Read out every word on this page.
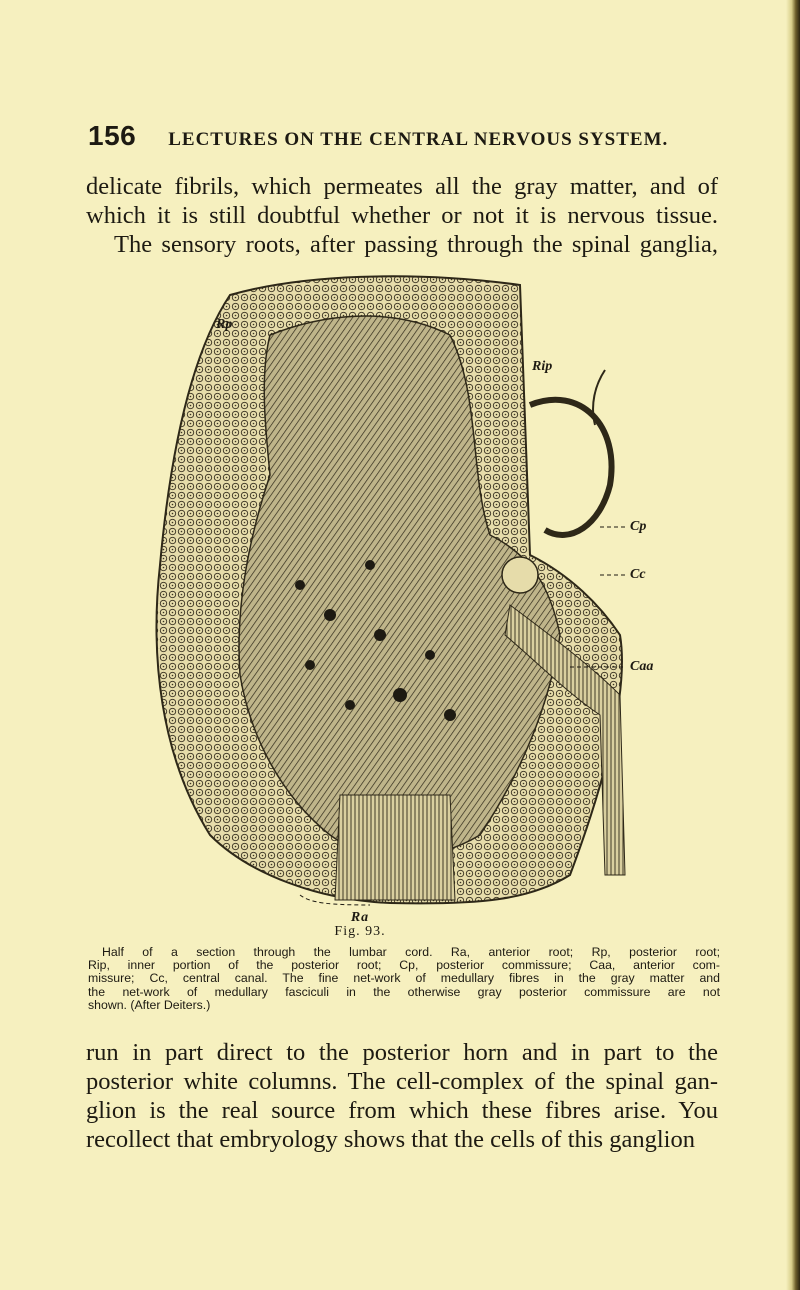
156 LECTURES ON THE CENTRAL NERVOUS SYSTEM.
delicate fibrils, which permeates all the gray matter, and of
which it is still doubtful whether or not it is nervous tissue.
The sensory roots, after passing through the spinal ganglia,
Rp
Rip
Cp
Cc
Caa
Ra
Fig. 93.
Half of a section through the lumbar cord. Ra, anterior root; Rp, posterior root;
Rip, inner portion of the posterior root; Cp, posterior commissure; Caa, anterior com-
missure; Cc, central canal. The fine net-work of medullary fibres in the gray matter and
the net-work of medullary fasciculi in the otherwise gray posterior commissure are not
shown. (After Deiters.)
run in part direct to the posterior horn and in part to the
posterior white columns. The cell-complex of the spinal gan-
glion is the real source from which these fibres arise. You
recollect that embryology shows that the cells of this ganglion
